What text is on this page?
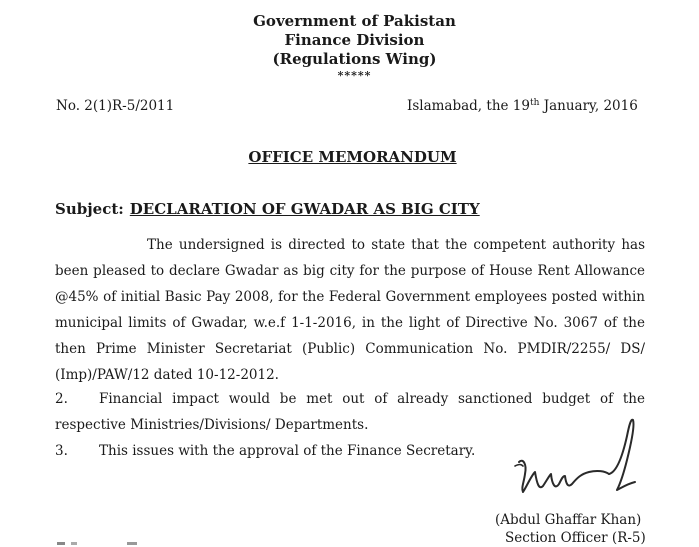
Government of Pakistan
Finance Division
(Regulations Wing)
*****
No. 2(1)R-5/2011	Islamabad, the 19th January, 2016
OFFICE MEMORANDUM
Subject: DECLARATION OF GWADAR AS BIG CITY
The undersigned is directed to state that the competent authority has
been pleased to declare Gwadar as big city for the purpose of House Rent Allowance
@45% of initial Basic Pay 2008, for the Federal Government employees posted within
municipal limits of Gwadar, w.e.f 1-1-2016, in the light of Directive No. 3067 of the
then Prime Minister Secretariat (Public) Communication No. PMDIR/2255/ DS/
(Imp)/PAW/12 dated 10-12-2012.
2.	Financial impact would be met out of already sanctioned budget of the
respective Ministries/Divisions/ Departments.
3. This issues with the approval of the Finance Secretary.
(Abdul Ghaffar Khan)
Section Officer (R-5)
